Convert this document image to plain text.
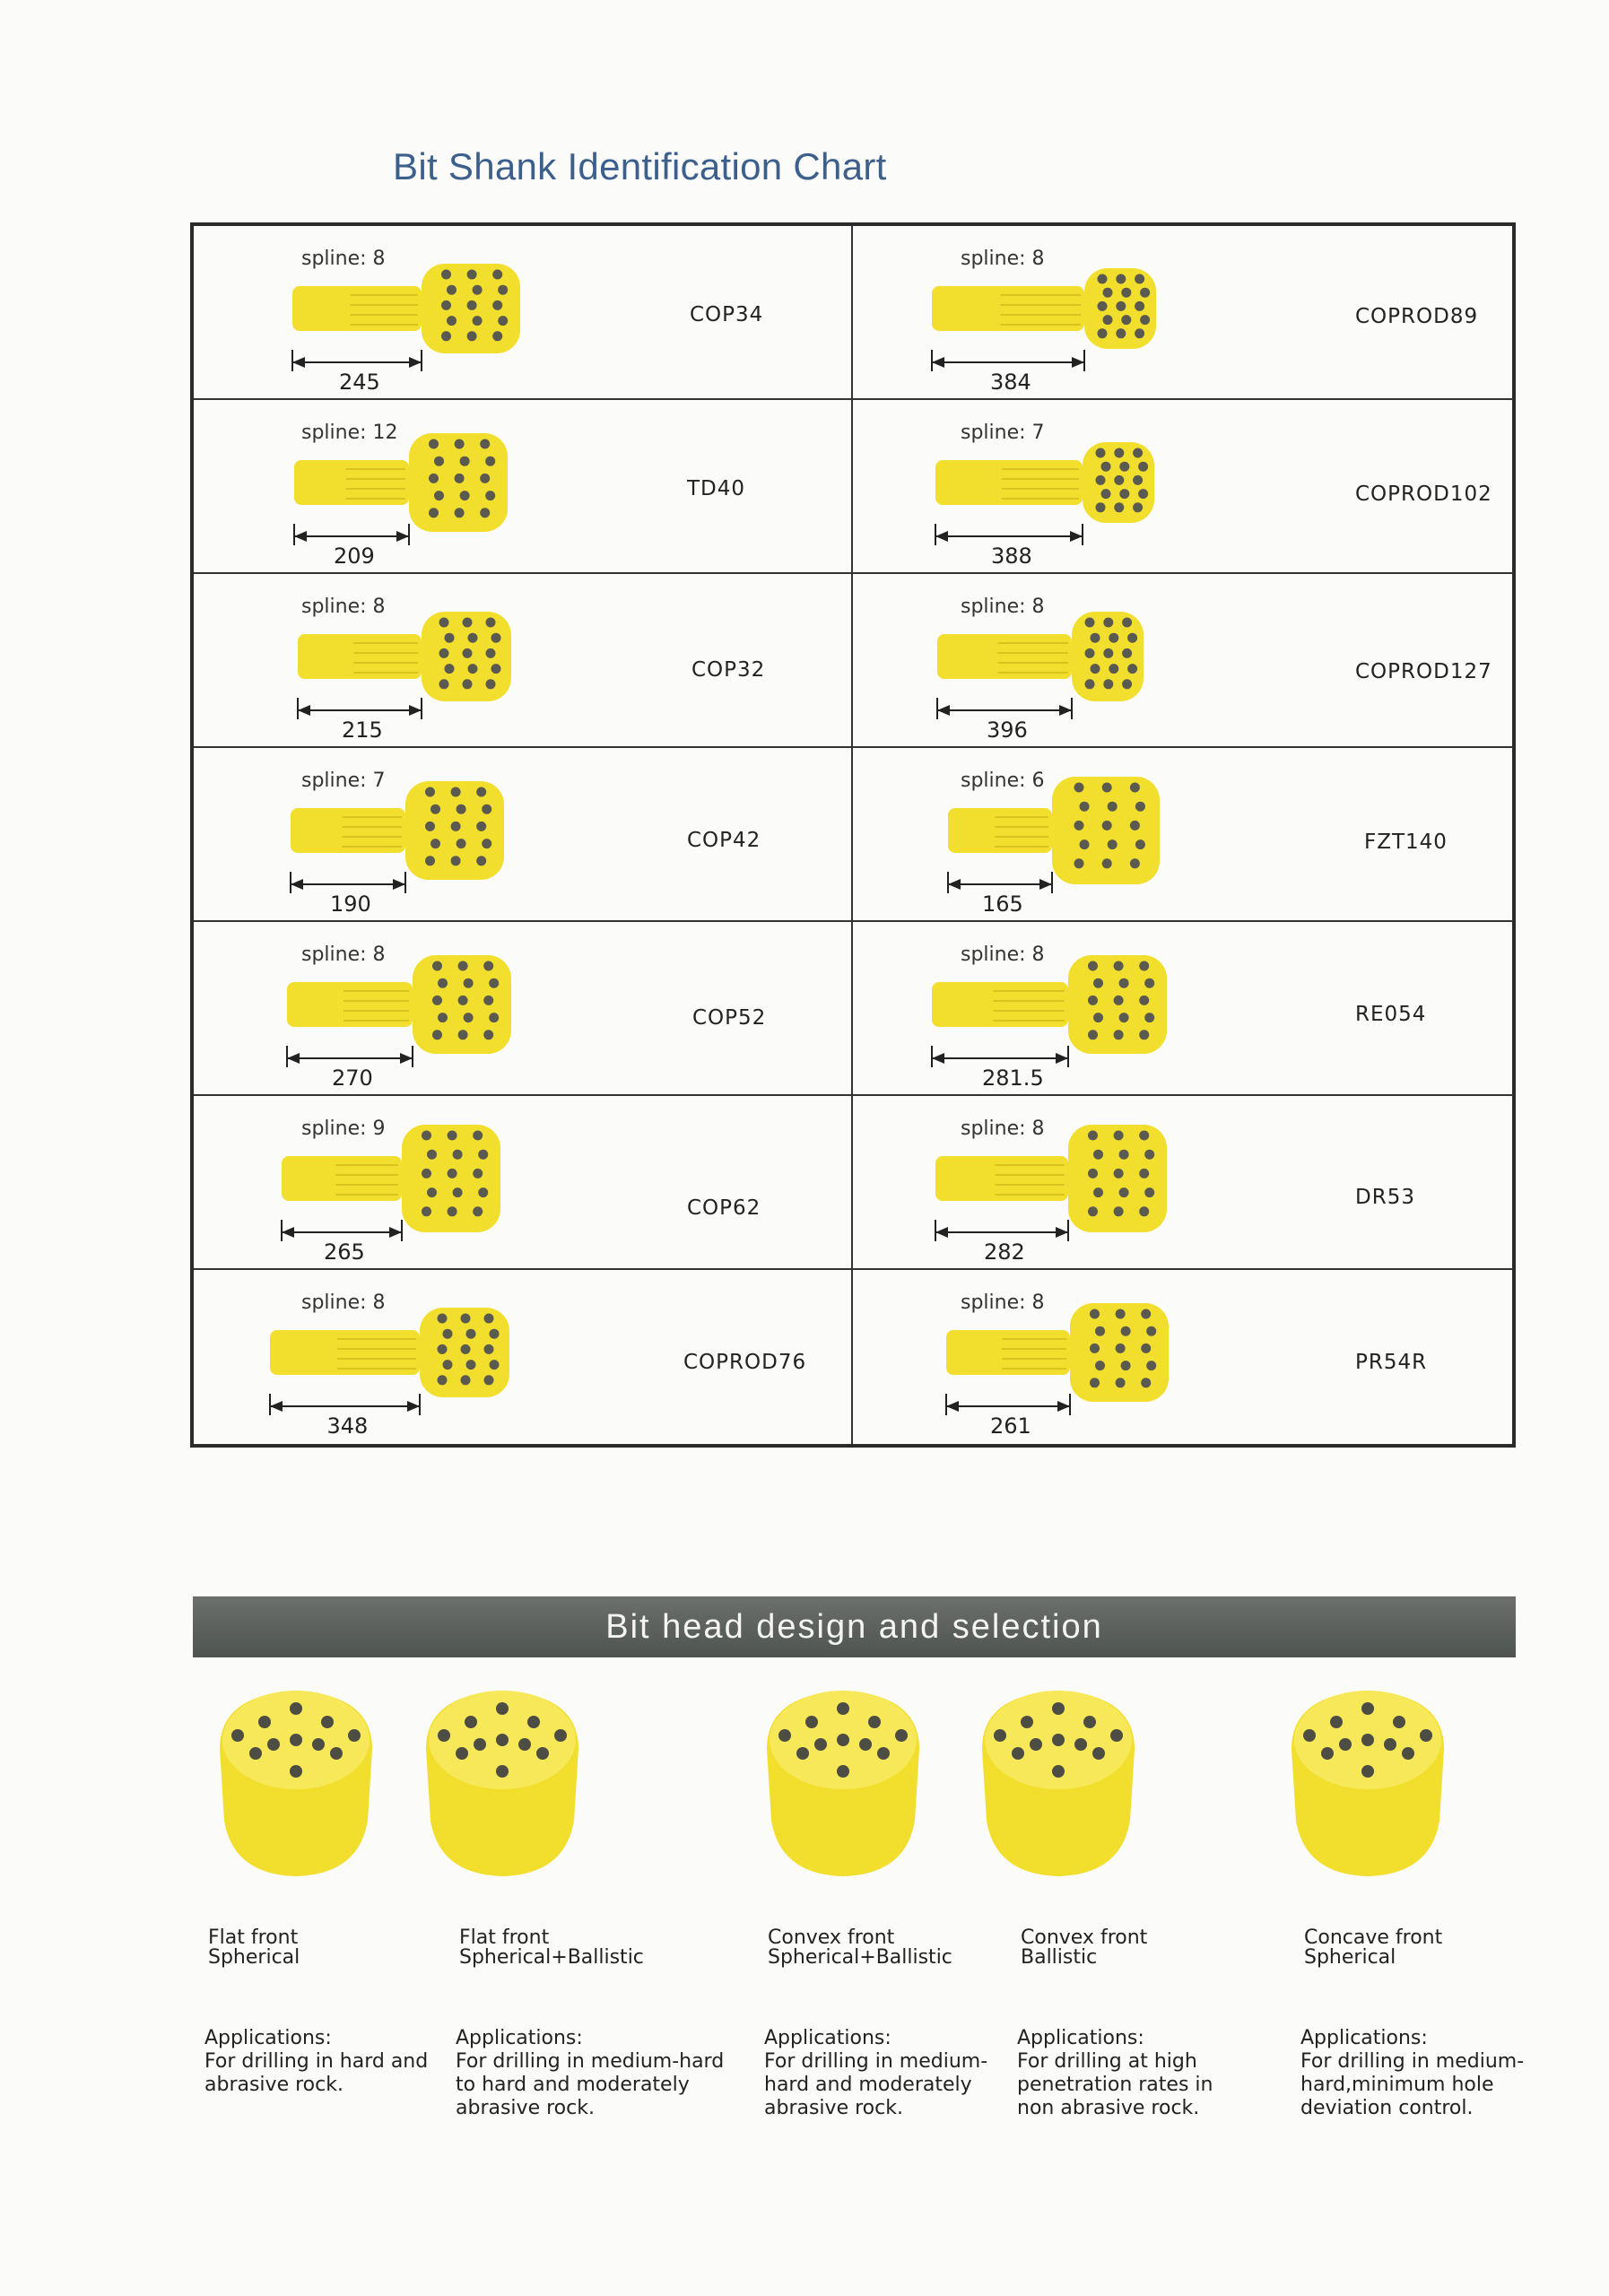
Bit Shank Identification Chart
spline: 8
245
COP34
spline: 8
384
COPROD89
spline: 12
209
TD40
spline: 7
388
COPROD102
spline: 8
215
COP32
spline: 8
396
COPROD127
spline: 7
190
COP42
spline: 6
165
FZT140
spline: 8
270
COP52
spline: 8
281.5
RE054
spline: 9
265
COP62
spline: 8
282
DR53
spline: 8
348
COPROD76
spline: 8
261
PR54R
Bit head design and selection
Flat front
Spherical
Applications:
For drilling in hard and
abrasive rock.
Flat front
Spherical+Ballistic
Applications:
For drilling in medium-hard
to hard and moderately
abrasive rock.
Convex front
Spherical+Ballistic
Applications:
For drilling in medium-
hard and moderately
abrasive rock.
Convex front
Ballistic
Applications:
For drilling at high
penetration rates in
non abrasive rock.
Concave front
Spherical
Applications:
For drilling in medium-
hard,minimum hole
deviation control.
